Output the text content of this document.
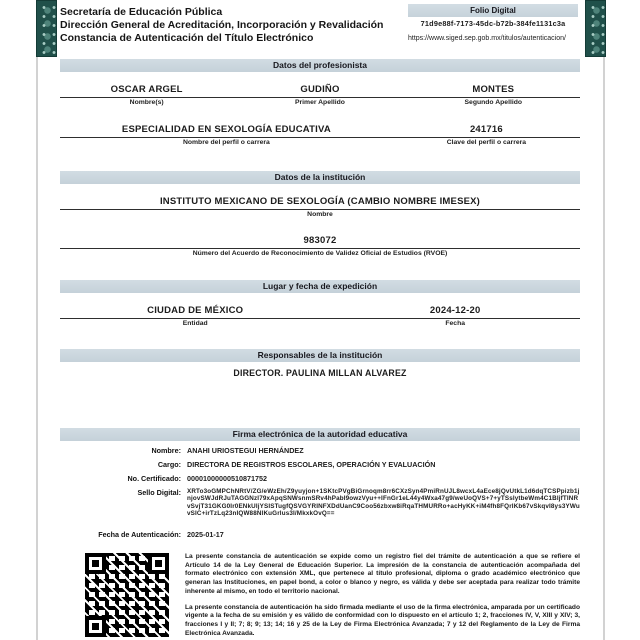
Secretaría de Educación Pública
Dirección General de Acreditación, Incorporación y Revalidación
Constancia de Autenticación del Título Electrónico
Folio Digital
71d9e88f-7173-45dc-b72b-384fe1131c3a
https://www.siged.sep.gob.mx/titulos/autenticacion/
Datos del profesionista
OSCAR ARGEL	GUDIÑO	MONTES
Nombre(s)	Primer Apellido	Segundo Apellido
ESPECIALIDAD EN SEXOLOGÍA EDUCATIVA	241716
Nombre del perfil o carrera	Clave del perfil o carrera
Datos de la institución
INSTITUTO MEXICANO DE SEXOLOGÍA (CAMBIO NOMBRE IMESEX)
Nombre
983072
Número del Acuerdo de Reconocimiento de Validez Oficial de Estudios (RVOE)
Lugar y fecha de expedición
CIUDAD DE MÉXICO	2024-12-20
Entidad	Fecha
Responsables de la institución
DIRECTOR. PAULINA MILLAN ALVAREZ
Firma electrónica de la autoridad educativa
Nombre: ANAHI URIOSTEGUI HERNÁNDEZ
Cargo: DIRECTORA DE REGISTROS ESCOLARES, OPERACIÓN Y EVALUACIÓN
No. Certificado: 00001000000510871752
Sello Digital: XRTo3oGMPChNRtV/ZG/eWzEh/Z9yuyjon+1SKtcPVgBiGrnoqm8rr6CXzSyn4PmiRnUJL8wcxL4aEce8jQvUtkL1d6dqTCSPpizb1jnjovSWJdRJuTAGGNzI79xApqSNWsnmSRv4hPabI9owzVyu++IFnGr1eL44y4Wxa47g9/weUoQVS+7+yTSslytbeWm4C1BIjfTINRvSvjT31GKG0Ir0ENkUIjYSISTugfQSVGYRINFXDdUanC9Coo56zbxw8iRqaTHMURRo+acHyKK+iM4fh8FQrIKb67vSkqvI8ys3YWuvSIC+irTzLq23nIQW88NIKuGrlus3I/MkxkOvQ==
Fecha de Autenticación: 2025-01-17

La presente constancia de autenticación se expide como un registro fiel del trámite de autenticación a que se refiere el Artículo 14 de la Ley General de Educación Superior. La impresión de la constancia de autenticación acompañada del formato electrónico con extensión XML, que pertenece al título profesional, diploma o grado académico electrónico que generan las Instituciones, en papel bond, a color o blanco y negro, es válida y debe ser aceptada para realizar todo trámite inherente al mismo, en todo el territorio nacional.

La presente constancia de autenticación ha sido firmada mediante el uso de la firma electrónica, amparada por un certificado vigente a la fecha de su emisión y es válido de conformidad con lo dispuesto en el artículo 1; 2, fracciones IV, V, XIII y XIV; 3, fracciones I y II; 7; 8; 9; 13; 14; 16 y 25 de la Ley de Firma Electrónica Avanzada; 7 y 12 del Reglamento de la Ley de Firma Electrónica Avanzada.
